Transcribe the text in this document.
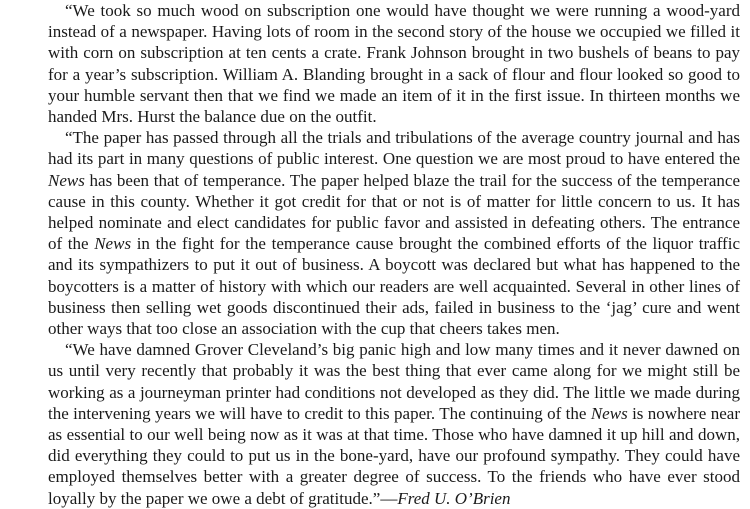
“We took so much wood on subscription one would have thought we were running a wood-yard instead of a newspaper. Having lots of room in the second story of the house we occupied we filled it with corn on subscription at ten cents a crate. Frank Johnson brought in two bushels of beans to pay for a year’s subscription. William A. Blanding brought in a sack of flour and flour looked so good to your humble servant then that we find we made an item of it in the first issue. In thirteen months we handed Mrs. Hurst the balance due on the outfit.

“The paper has passed through all the trials and tribulations of the average country journal and has had its part in many questions of public interest. One question we are most proud to have entered the News has been that of temperance. The paper helped blaze the trail for the success of the temperance cause in this county. Whether it got credit for that or not is of matter for little concern to us. It has helped nominate and elect candidates for public favor and assisted in defeating others. The entrance of the News in the fight for the temperance cause brought the combined efforts of the liquor traffic and its sympathizers to put it out of business. A boycott was declared but what has happened to the boycotters is a matter of history with which our readers are well acquainted. Several in other lines of business then selling wet goods discontinued their ads, failed in business to the ‘jag’ cure and went other ways that too close an association with the cup that cheers takes men.

“We have damned Grover Cleveland’s big panic high and low many times and it never dawned on us until very recently that probably it was the best thing that ever came along for we might still be working as a journeyman printer had conditions not developed as they did. The little we made during the intervening years we will have to credit to this paper. The continuing of the News is nowhere near as essential to our well being now as it was at that time. Those who have damned it up hill and down, did everything they could to put us in the bone-yard, have our profound sympathy. They could have employed themselves better with a greater degree of success. To the friends who have ever stood loyally by the paper we owe a debt of gratitude.”—Fred U. O’Brien
